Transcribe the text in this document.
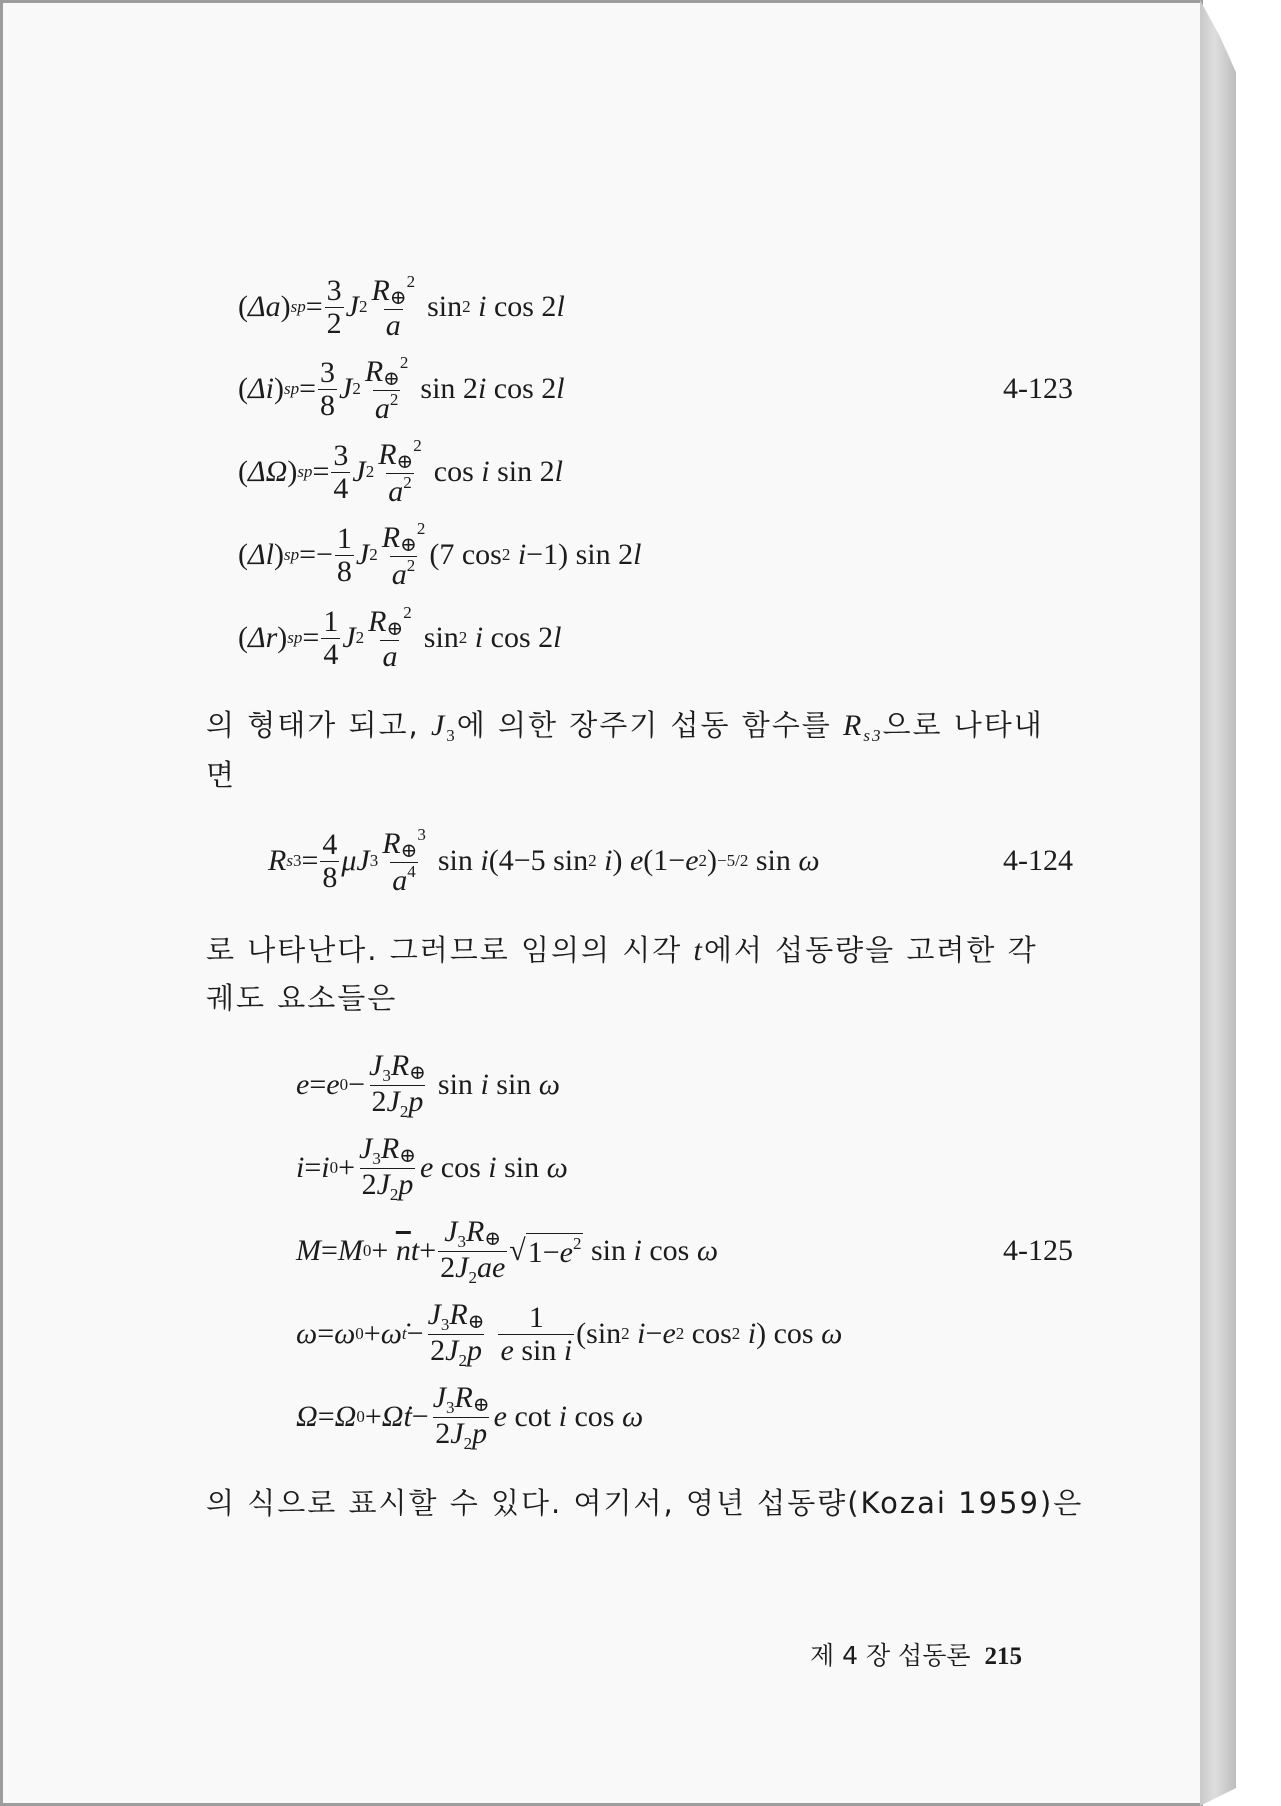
( Δa ) sp = $\frac{3}{2}$ J $2 \frac{R\oplus^2}{a}$ sin 2
i cos 2 l
( Δi ) sp = $\frac{3}{8}$ J $2 \frac{R\oplus^2}{a^2}$ sin 2 i cos 2 l	4-123
( ΔΩ ) sp = $\frac{3}{4}$ J $2 \frac{R\oplus^2}{a^2}$ cos i sin 2 l
( Δl ) sp =− $\frac{1}{8}$ J $2 \frac{R\oplus^2}{a^2} (7$ cos 2
i −1) sin 2 l
( Δr ) sp = $\frac{1}{4}$ J $2 \frac{R\oplus^2}{a}$ sin 2
i cos 2 l
의 형태가 되고, $J_3$에 의한 장주기 섭동 함수를 $R_{s3}$으로 나타내
면
R s $3 = \frac{4}{8}$ μJ $3 \frac{R\oplus^3}{a^4}$ sin i (4−5 sin 2
i ) e (1− e 2 ) −5/2 sin ω	4-124
로 나타난다. 그러므로 임의의 시각 t에서 섭동량을 고려한 각
궤도 요소들은
e = e $0 - \frac{J_3R\oplus}{2J_2p}$ sin i sin ω
i = i $0 + \frac{J_3R\oplus}{2J_2p}$ e cos i sin ω
M = M $0 + \overline{n}$ $t + \frac{J_3R\oplus}{2J_2ae}$ √ $1-e^2$ sin i cos ω	4-125
ω = ω 0 + ω̇ $t - \frac{J_3R\oplus}{2J_2p} \frac{1}{\text{e sin i}} (\sin$ 2
i − e 2 cos 2
i ) cos ω
Ω = Ω 0 + Ω̇ $t - \frac{J_3R\oplus}{2J_2p}$ e cot i cos ω
의 식으로 표시할 수 있다. 여기서, 영년 섭동량(Kozai 1959)은
제 4 장 섭동론 215
